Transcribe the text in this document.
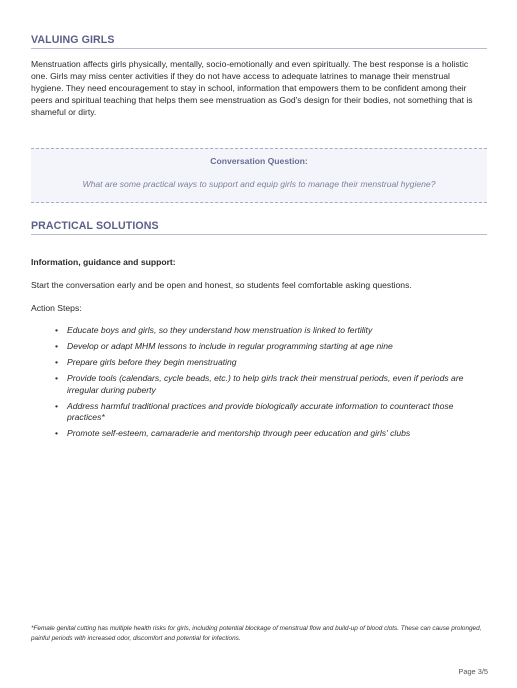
VALUING GIRLS
Menstruation affects girls physically, mentally, socio-emotionally and even spiritually. The best response is a holistic one. Girls may miss center activities if they do not have access to adequate latrines to manage their menstrual hygiene. They need encouragement to stay in school, information that empowers them to be confident among their peers and spiritual teaching that helps them see menstruation as God's design for their bodies, not something that is shameful or dirty.
Conversation Question:
What are some practical ways to support and equip girls to manage their menstrual hygiene?
PRACTICAL SOLUTIONS
Information, guidance and support:
Start the conversation early and be open and honest, so students feel comfortable asking questions.
Action Steps:
• Educate boys and girls, so they understand how menstruation is linked to fertility
• Develop or adapt MHM lessons to include in regular programming starting at age nine
• Prepare girls before they begin menstruating
• Provide tools (calendars, cycle beads, etc.) to help girls track their menstrual periods, even if periods are irregular during puberty
• Address harmful traditional practices and provide biologically accurate information to counteract those practices*
• Promote self-esteem, camaraderie and mentorship through peer education and girls' clubs
*Female genital cutting has multiple health risks for girls, including potential blockage of menstrual flow and build-up of blood clots. These can cause prolonged, painful periods with increased odor, discomfort and potential for infections.
Page 3/5
